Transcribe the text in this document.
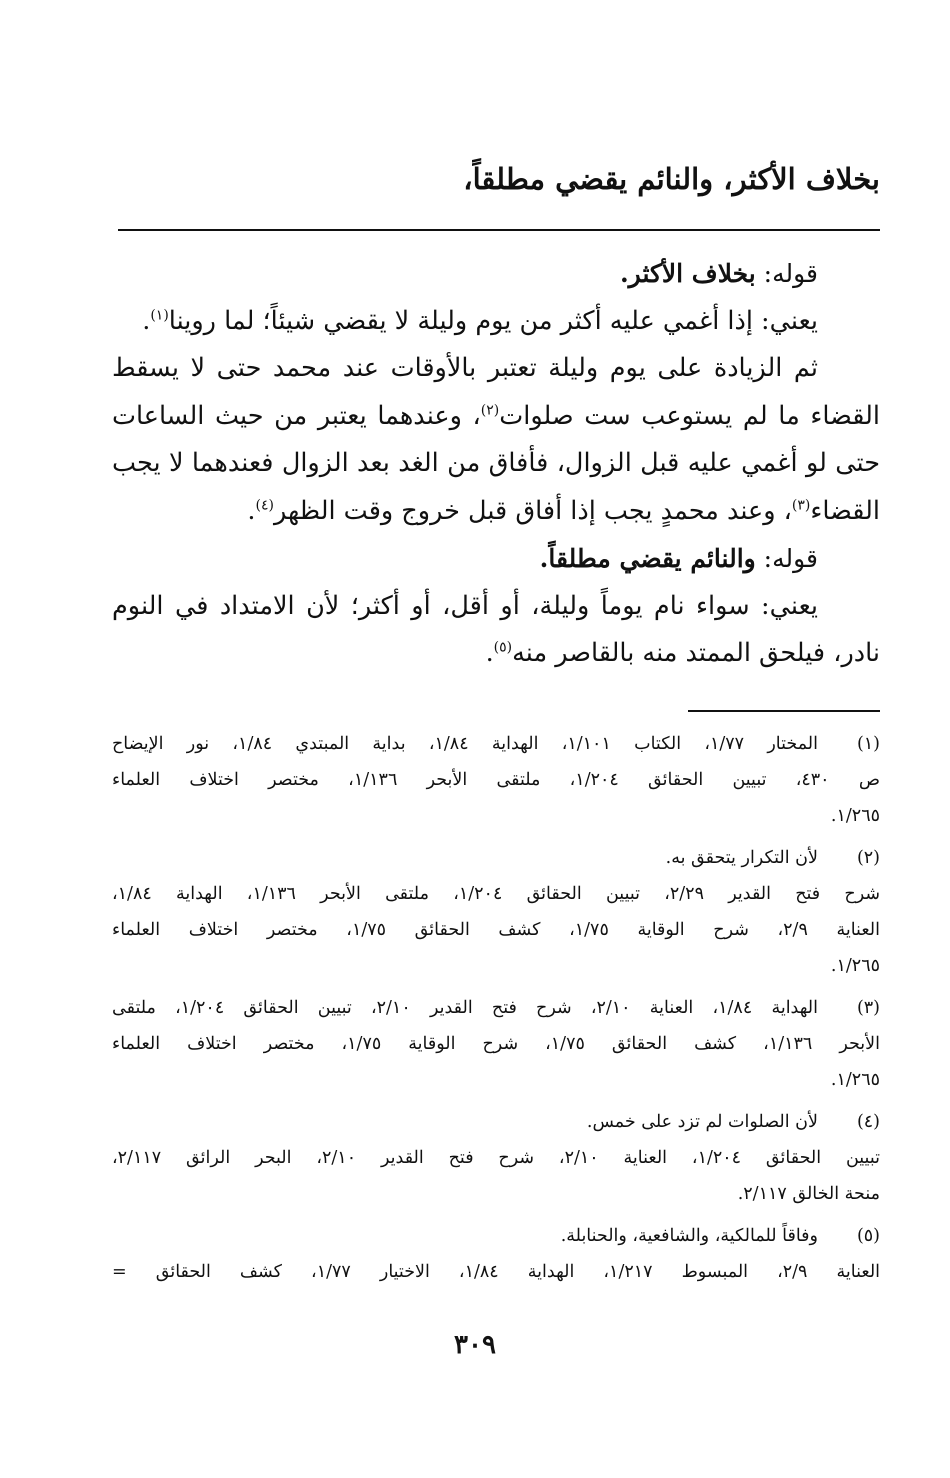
بخلاف الأكثر، والنائم يقضي مطلقاً،
قوله: بخلاف الأكثر.
يعني: إذا أغمي عليه أكثر من يوم وليلة لا يقضي شيئاً؛ لما روينا$^{(١)}$.
ثم الزيادة على يوم وليلة تعتبر بالأوقات عند محمد حتى لا يسقط
القضاء ما لم يستوعب ست صلوات$^{(٢)}$، وعندهما يعتبر من حيث الساعات
حتى لو أغمي عليه قبل الزوال، فأفاق من الغد بعد الزوال فعندهما لا يجب
القضاء$^{(٣)}$، وعند محمدٍ يجب إذا أفاق قبل خروج وقت الظهر$^{(٤)}$.
قوله: والنائم يقضي مطلقاً.
يعني: سواء نام يوماً وليلة، أو أقل، أو أكثر؛ لأن الامتداد في النوم
نادر، فيلحق الممتد منه بالقاصر منه$^{(٥)}$.
(١)
المختار ١/٧٧، الكتاب ١/١٠١، الهداية ١/٨٤، بداية المبتدي ١/٨٤، نور الإيضاح
ص ٤٣٠، تبيين الحقائق ١/٢٠٤، ملتقى الأبحر ١/١٣٦، مختصر اختلاف العلماء
١/٢٦٥.
(٢)
لأن التكرار يتحقق به.
شرح فتح القدير ٢/٢٩، تبيين الحقائق ١/٢٠٤، ملتقى الأبحر ١/١٣٦، الهداية ١/٨٤،
العناية ٢/٩، شرح الوقاية ١/٧٥، كشف الحقائق ١/٧٥، مختصر اختلاف العلماء
١/٢٦٥.
(٣)
الهداية ١/٨٤، العناية ٢/١٠، شرح فتح القدير ٢/١٠، تبيين الحقائق ١/٢٠٤، ملتقى
الأبحر ١/١٣٦، كشف الحقائق ١/٧٥، شرح الوقاية ١/٧٥، مختصر اختلاف العلماء
١/٢٦٥.
(٤)
لأن الصلوات لم تزد على خمس.
تبيين الحقائق ١/٢٠٤، العناية ٢/١٠، شرح فتح القدير ٢/١٠، البحر الرائق ٢/١١٧،
منحة الخالق ٢/١١٧.
(٥)
وفاقاً للمالكية، والشافعية، والحنابلة.
العناية ٢/٩، المبسوط ١/٢١٧، الهداية ١/٨٤، الاختيار ١/٧٧، كشف الحقائق =
٣٠٩
